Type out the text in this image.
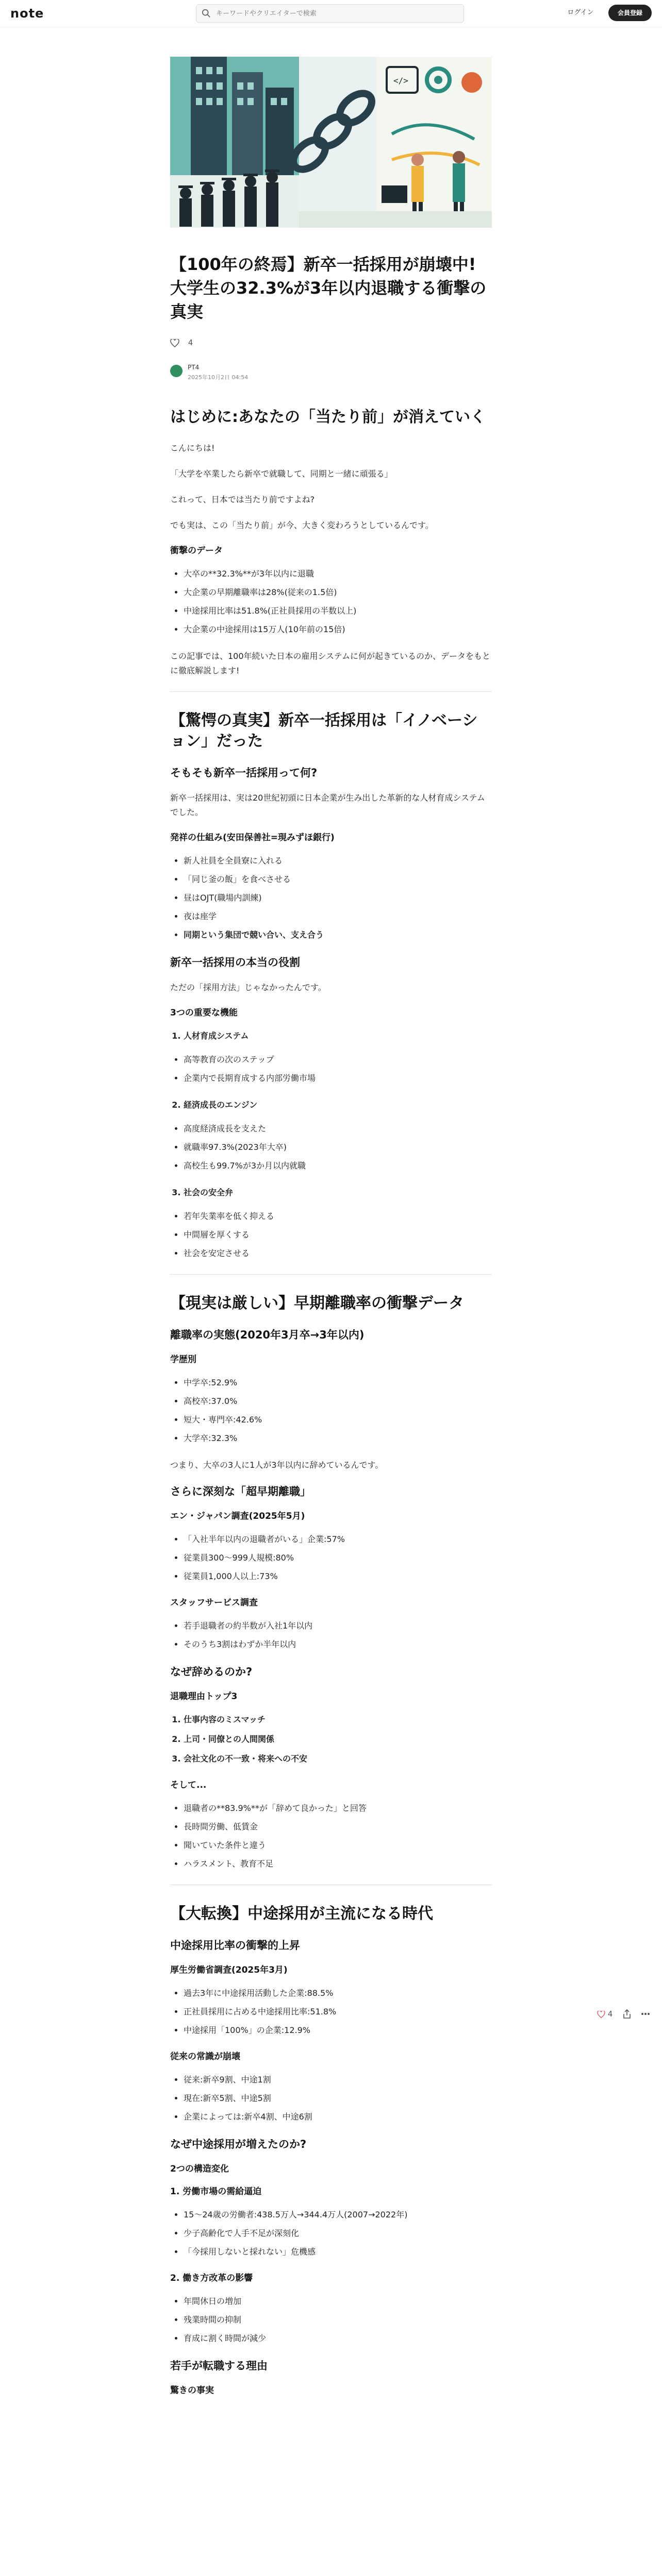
note
キーワードやクリエイターで検索	ログイン	会員登録
</>
【100年の終焉】新卒一括採用が崩壊中!大学生の32.3%が3年以内退職する衝撃の真実
4
PT4
2025年10月2日 04:54
はじめに:あなたの「当たり前」が消えていく

こんにちは!

「大学を卒業したら新卒で就職して、同期と一緒に頑張る」

これって、日本では当たり前ですよね?

でも実は、この「当たり前」が今、大きく変わろうとしているんです。

衝撃のデータ
• 大卒の**32.3%**が3年以内に退職
• 大企業の早期離職率は28%(従来の1.5倍)
• 中途採用比率は51.8%(正社員採用の半数以上)
• 大企業の中途採用は15万人(10年前の15倍)

この記事では、100年続いた日本の雇用システムに何が起きているのか、データをもとに徹底解説します!

【驚愕の真実】新卒一括採用は「イノベーション」だった
そもそも新卒一括採用って何?

新卒一括採用は、実は20世紀初頭に日本企業が生み出した革新的な人材育成システムでした。

発祥の仕組み(安田保善社=現みずほ銀行)
• 新人社員を全員寮に入れる
• 「同じ釜の飯」を食べさせる
• 昼はOJT(職場内訓練)
• 夜は座学
• 同期という集団で競い合い、支え合う
新卒一括採用の本当の役割

ただの「採用方法」じゃなかったんです。

3つの重要な機能
1. 人材育成システム
• 高等教育の次のステップ
• 企業内で長期育成する内部労働市場
2. 経済成長のエンジン
• 高度経済成長を支えた
• 就職率97.3%(2023年大卒)
• 高校生も99.7%が3か月以内就職
3. 社会の安全弁
• 若年失業率を低く抑える
• 中間層を厚くする
• 社会を安定させる
【現実は厳しい】早期離職率の衝撃データ
離職率の実態(2020年3月卒→3年以内)
学歴別
• 中学卒:52.9%
• 高校卒:37.0%
• 短大・専門卒:42.6%
• 大学卒:32.3%

つまり、大卒の3人に1人が3年以内に辞めているんです。

さらに深刻な「超早期離職」
エン・ジャパン調査(2025年5月)
• 「入社半年以内の退職者がいる」企業:57%
• 従業員300〜999人規模:80%
• 従業員1,000人以上:73%
スタッフサービス調査
• 若手退職者の約半数が入社1年以内
• そのうち3割はわずか半年以内
なぜ辞めるのか?
退職理由トップ3
1. 仕事内容のミスマッチ
2. 上司・同僚との人間関係
3. 会社文化の不一致・将来への不安
そして...
• 退職者の**83.9%**が「辞めて良かった」と回答
• 長時間労働、低賃金
• 聞いていた条件と違う
• ハラスメント、教育不足
【大転換】中途採用が主流になる時代
中途採用比率の衝撃的上昇
厚生労働省調査(2025年3月)
• 過去3年に中途採用活動した企業:88.5%
• 正社員採用に占める中途採用比率:51.8%
• 中途採用「100%」の企業:12.9%
従来の常識が崩壊
• 従来:新卒9割、中途1割
• 現在:新卒5割、中途5割
• 企業によっては:新卒4割、中途6割
なぜ中途採用が増えたのか?
2つの構造変化
1. 労働市場の需給逼迫
• 15〜24歳の労働者:438.5万人→344.4万人(2007→2022年)
• 少子高齢化で人手不足が深刻化
• 「今採用しないと採れない」危機感
2. 働き方改革の影響
• 年間休日の増加
• 残業時間の抑制
• 育成に割く時間が減少
若手が転職する理由
驚きの事実
4
